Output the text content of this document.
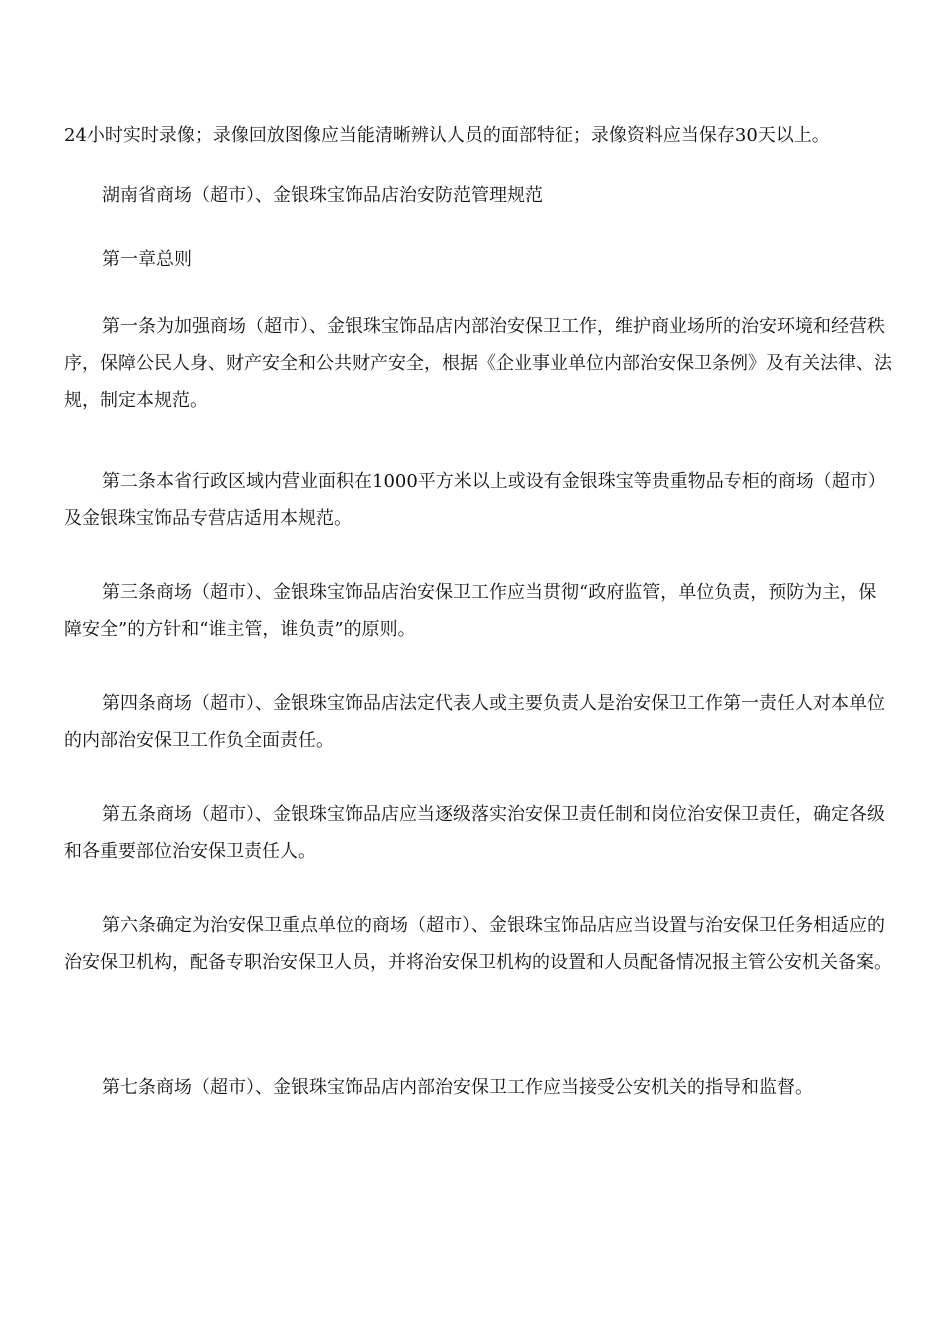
24小时实时录像；录像回放图像应当能清晰辨认人员的面部特征；录像资料应当保存30天以上。

湖南省商场（超市）、金银珠宝饰品店治安防范管理规范

第一章总则

第一条为加强商场（超市）、金银珠宝饰品店内部治安保卫工作，维护商业场所的治安环境和经营秩序，保障公民人身、财产安全和公共财产安全，根据《企业事业单位内部治安保卫条例》及有关法律、法规，制定本规范。

第二条本省行政区域内营业面积在1000平方米以上或设有金银珠宝等贵重物品专柜的商场（超市）及金银珠宝饰品专营店适用本规范。

第三条商场（超市）、金银珠宝饰品店治安保卫工作应当贯彻“政府监管，单位负责，预防为主，保障安全”的方针和“谁主管，谁负责”的原则。

第四条商场（超市）、金银珠宝饰品店法定代表人或主要负责人是治安保卫工作第一责任人对本单位的内部治安保卫工作负全面责任。

第五条商场（超市）、金银珠宝饰品店应当逐级落实治安保卫责任制和岗位治安保卫责任，确定各级和各重要部位治安保卫责任人。

第六条确定为治安保卫重点单位的商场（超市）、金银珠宝饰品店应当设置与治安保卫任务相适应的治安保卫机构，配备专职治安保卫人员，并将治安保卫机构的设置和人员配备情况报主管公安机关备案。

第七条商场（超市）、金银珠宝饰品店内部治安保卫工作应当接受公安机关的指导和监督。
